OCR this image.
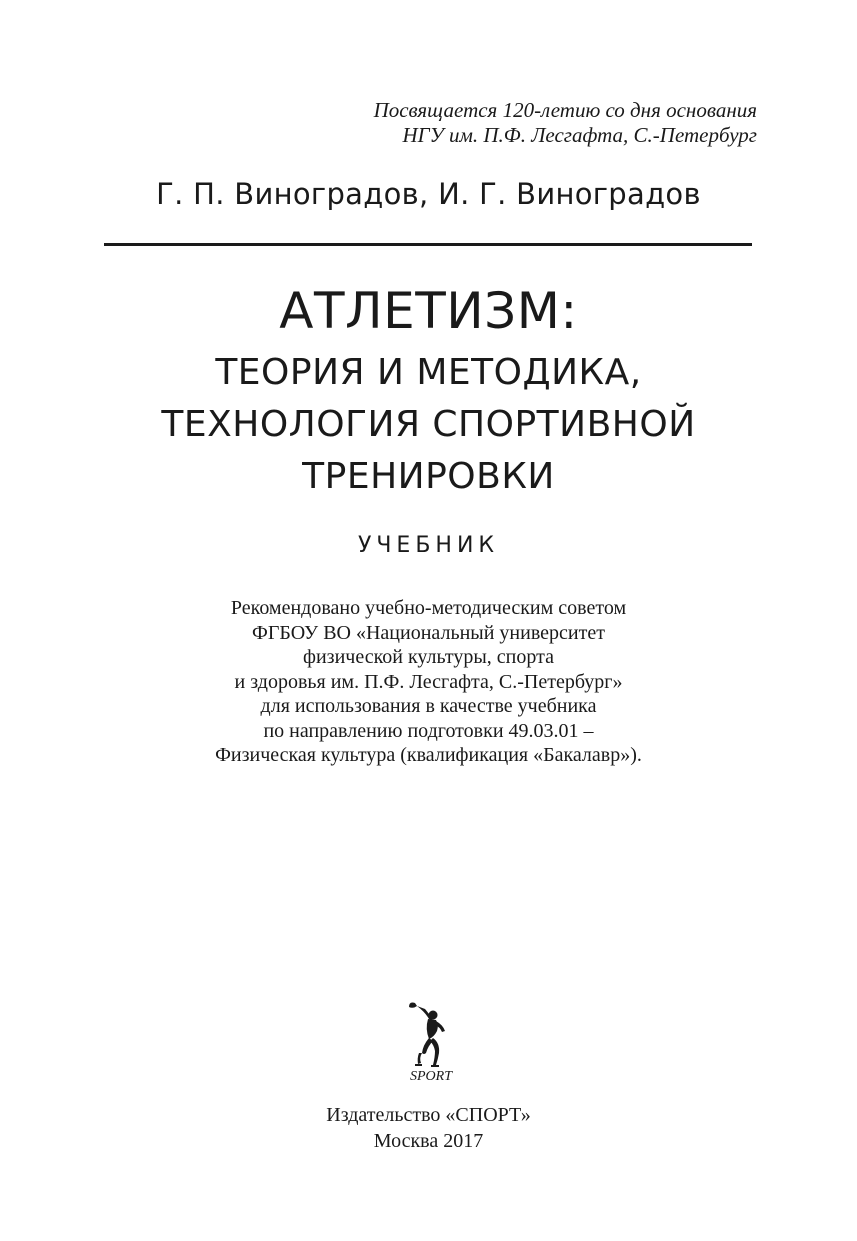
Посвящается 120-летию со дня основания
НГУ им. П.Ф. Лесгафта, С.-Петербург
Г. П. Виноградов, И. Г. Виноградов
АТЛЕТИЗМ:
ТЕОРИЯ И МЕТОДИКА,
ТЕХНОЛОГИЯ СПОРТИВНОЙ
ТРЕНИРОВКИ
УЧЕБНИК
Рекомендовано учебно-методическим советом
ФГБОУ ВО «Национальный университет
физической культуры, спорта
и здоровья им. П.Ф. Лесгафта, С.-Петербург»
для использования в качестве учебника
по направлению подготовки 49.03.01 –
Физическая культура (квалификация «Бакалавр»).
SPORT
Издательство «СПОРТ»
Москва 2017
